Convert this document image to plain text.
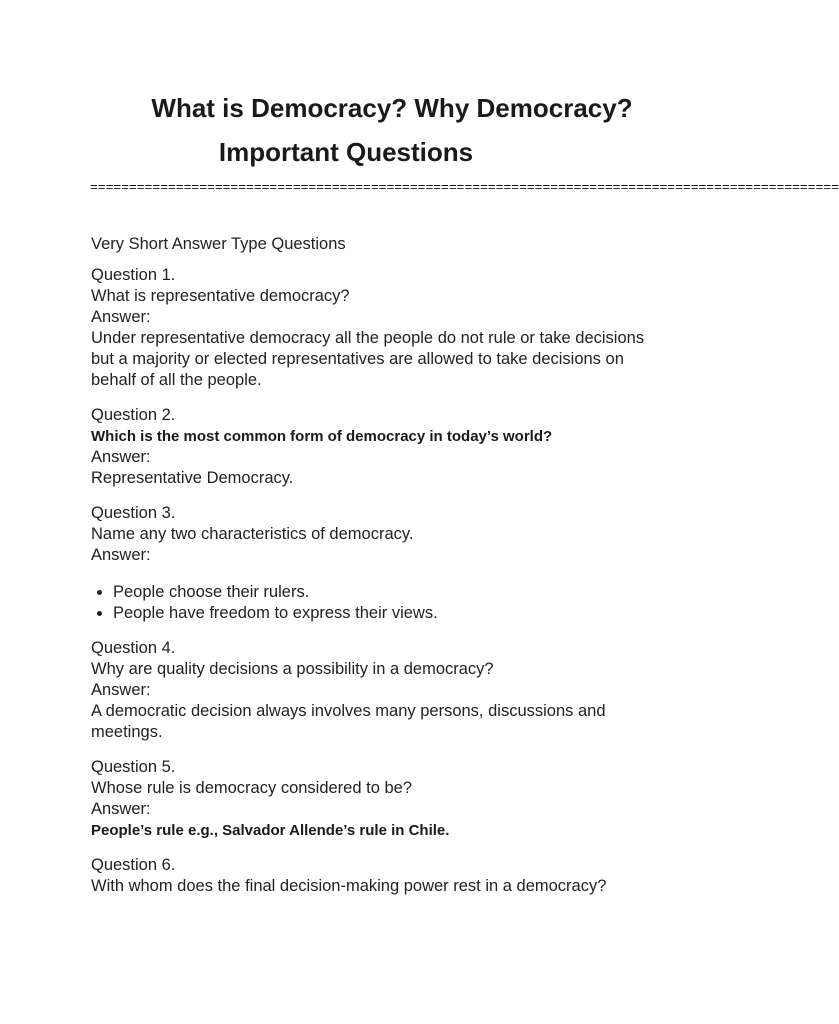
What is Democracy? Why Democracy?
Important Questions
================================================================================================

Very Short Answer Type Questions

Question 1.

What is representative democracy?

Answer:

Under representative democracy all the people do not rule or take decisions but a majority or elected representatives are allowed to take decisions on behalf of all the people.

Question 2.

Which is the most common form of democracy in today’s world?

Answer:

Representative Democracy.

Question 3.

Name any two characteristics of democracy.

Answer:

• People choose their rulers.
• People have freedom to express their views.

Question 4.

Why are quality decisions a possibility in a democracy?

Answer:

A democratic decision always involves many persons, discussions and meetings.

Question 5.

Whose rule is democracy considered to be?

Answer:

People’s rule e.g., Salvador Allende’s rule in Chile.

Question 6.

With whom does the final decision-making power rest in a democracy?
